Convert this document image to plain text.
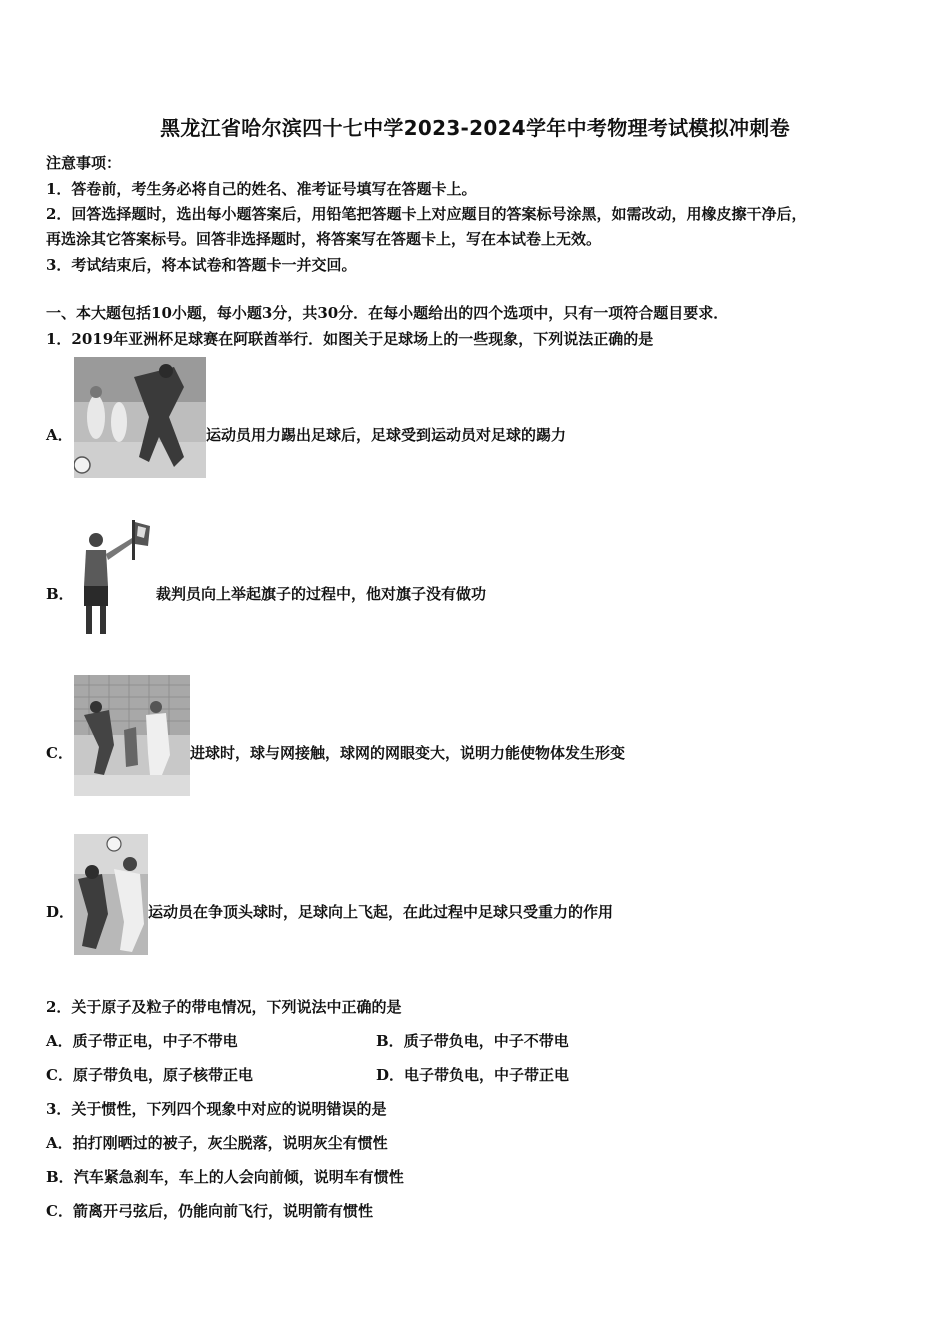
黑龙江省哈尔滨四十七中学2023-2024学年中考物理考试模拟冲刺卷
注意事项：
1．答卷前，考生务必将自己的姓名、准考证号填写在答题卡上。
2．回答选择题时，选出每小题答案后，用铅笔把答题卡上对应题目的答案标号涂黑，如需改动，用橡皮擦干净后，
再选涂其它答案标号。回答非选择题时，将答案写在答题卡上，写在本试卷上无效。
3．考试结束后，将本试卷和答题卡一并交回。
一、本大题包括10小题，每小题3分，共30分．在每小题给出的四个选项中，只有一项符合题目要求．
1．2019年亚洲杯足球赛在阿联酋举行．如图关于足球场上的一些现象，下列说法正确的是
A．	运动员用力踢出足球后，足球受到运动员对足球的踢力
B．	裁判员向上举起旗子的过程中，他对旗子没有做功
C．	进球时，球与网接触，球网的网眼变大，说明力能使物体发生形变
D．	运动员在争顶头球时，足球向上飞起，在此过程中足球只受重力的作用
2．关于原子及粒子的带电情况，下列说法中正确的是
A．质子带正电，中子不带电	B．质子带负电，中子不带电
C．原子带负电，原子核带正电	D．电子带负电，中子带正电
3．关于惯性，下列四个现象中对应的说明错误的是
A．拍打刚晒过的被子，灰尘脱落，说明灰尘有惯性
B．汽车紧急刹车，车上的人会向前倾，说明车有惯性
C．箭离开弓弦后，仍能向前飞行，说明箭有惯性
